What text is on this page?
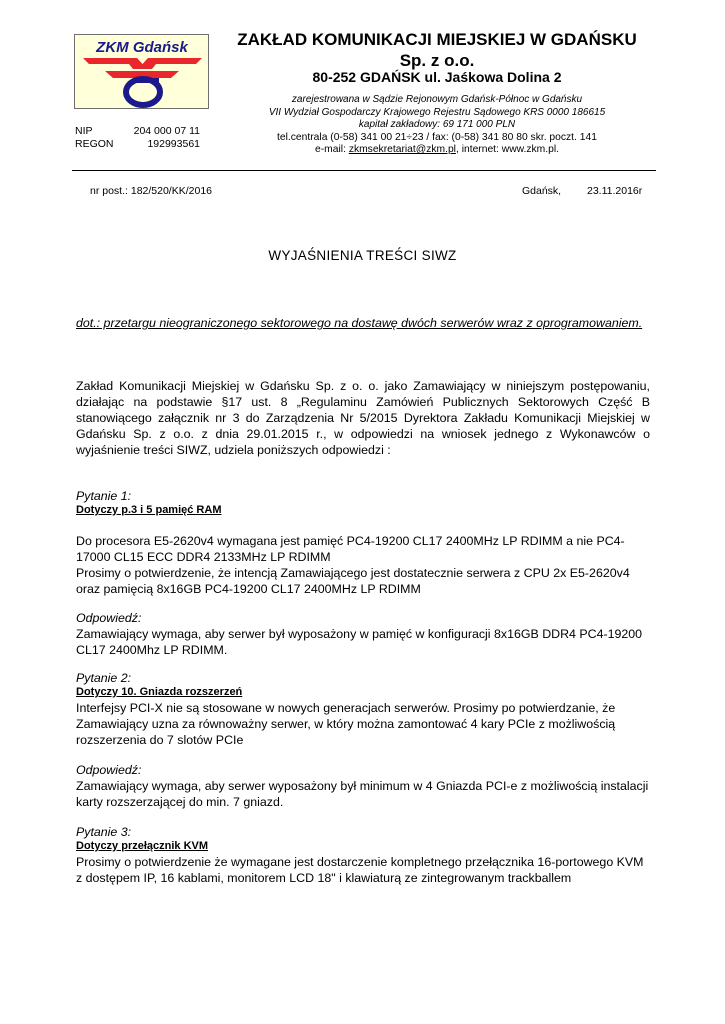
ZKM Gdańsk	ZAKŁAD KOMUNIKACJI MIEJSKIEJ W GDAŃSKU
Sp. z o.o.
80-252 GDAŃSK ul. Jaśkowa Dolina 2
zarejestrowana w Sądzie Rejonowym Gdańsk-Północ w Gdańsku
VII Wydział Gospodarczy Krajowego Rejestru Sądowego KRS 0000 186615
kapitał zakładowy: 69 171 000 PLN
tel.centrala (0-58) 341 00 21÷23 / fax: (0-58) 341 80 80 skr. poczt. 141
e-mail: zkmsekretariat@zkm.pl, internet: www.zkm.pl.
NIP	204 000 07 11
REGON	192993561
nr post.: 182/520/KK/2016	Gdańsk, 23.11.2016r
WYJAŚNIENIA TREŚCI SIWZ
dot.: przetargu nieograniczonego sektorowego na dostawę dwóch serwerów wraz z oprogramowaniem.
Zakład Komunikacji Miejskiej w Gdańsku Sp. z o. o. jako Zamawiający w niniejszym postępowaniu, działając na podstawie §17 ust. 8 „Regulaminu Zamówień Publicznych Sektorowych Część B stanowiącego załącznik nr 3 do Zarządzenia Nr 5/2015 Dyrektora Zakładu Komunikacji Miejskiej w Gdańsku Sp. z o.o. z dnia 29.01.2015 r., w odpowiedzi na wniosek jednego z Wykonawców o wyjaśnienie treści SIWZ, udziela poniższych odpowiedzi :
Pytanie 1:
Dotyczy p.3 i 5 pamięć RAM
Do procesora E5-2620v4 wymagana jest pamięć PC4-19200 CL17 2400MHz LP RDIMM a nie PC4-17000 CL15 ECC DDR4 2133MHz LP RDIMM
Prosimy o potwierdzenie, że intencją Zamawiającego jest dostatecznie serwera z CPU 2x E5-2620v4 oraz pamięcią 8x16GB PC4-19200 CL17 2400MHz LP RDIMM
Odpowiedź:
Zamawiający wymaga, aby serwer był wyposażony w pamięć w konfiguracji 8x16GB DDR4 PC4-19200 CL17 2400Mhz LP RDIMM.
Pytanie 2:
Dotyczy 10. Gniazda rozszerzeń
Interfejsy PCI-X nie są stosowane w nowych generacjach serwerów. Prosimy po potwierdzanie, że Zamawiający uzna za równoważny serwer, w który można zamontować 4 kary PCIe z możliwością rozszerzenia do 7 slotów PCIe
Odpowiedź:
Zamawiający wymaga, aby serwer wyposażony był minimum w 4 Gniazda PCI-e z możliwością instalacji karty rozszerzającej do min. 7 gniazd.
Pytanie 3:
Dotyczy przełącznik KVM
Prosimy o potwierdzenie że wymagane jest dostarczenie kompletnego przełącznika 16-portowego KVM z dostępem IP, 16 kablami, monitorem LCD 18" i klawiaturą ze zintegrowanym trackballem
